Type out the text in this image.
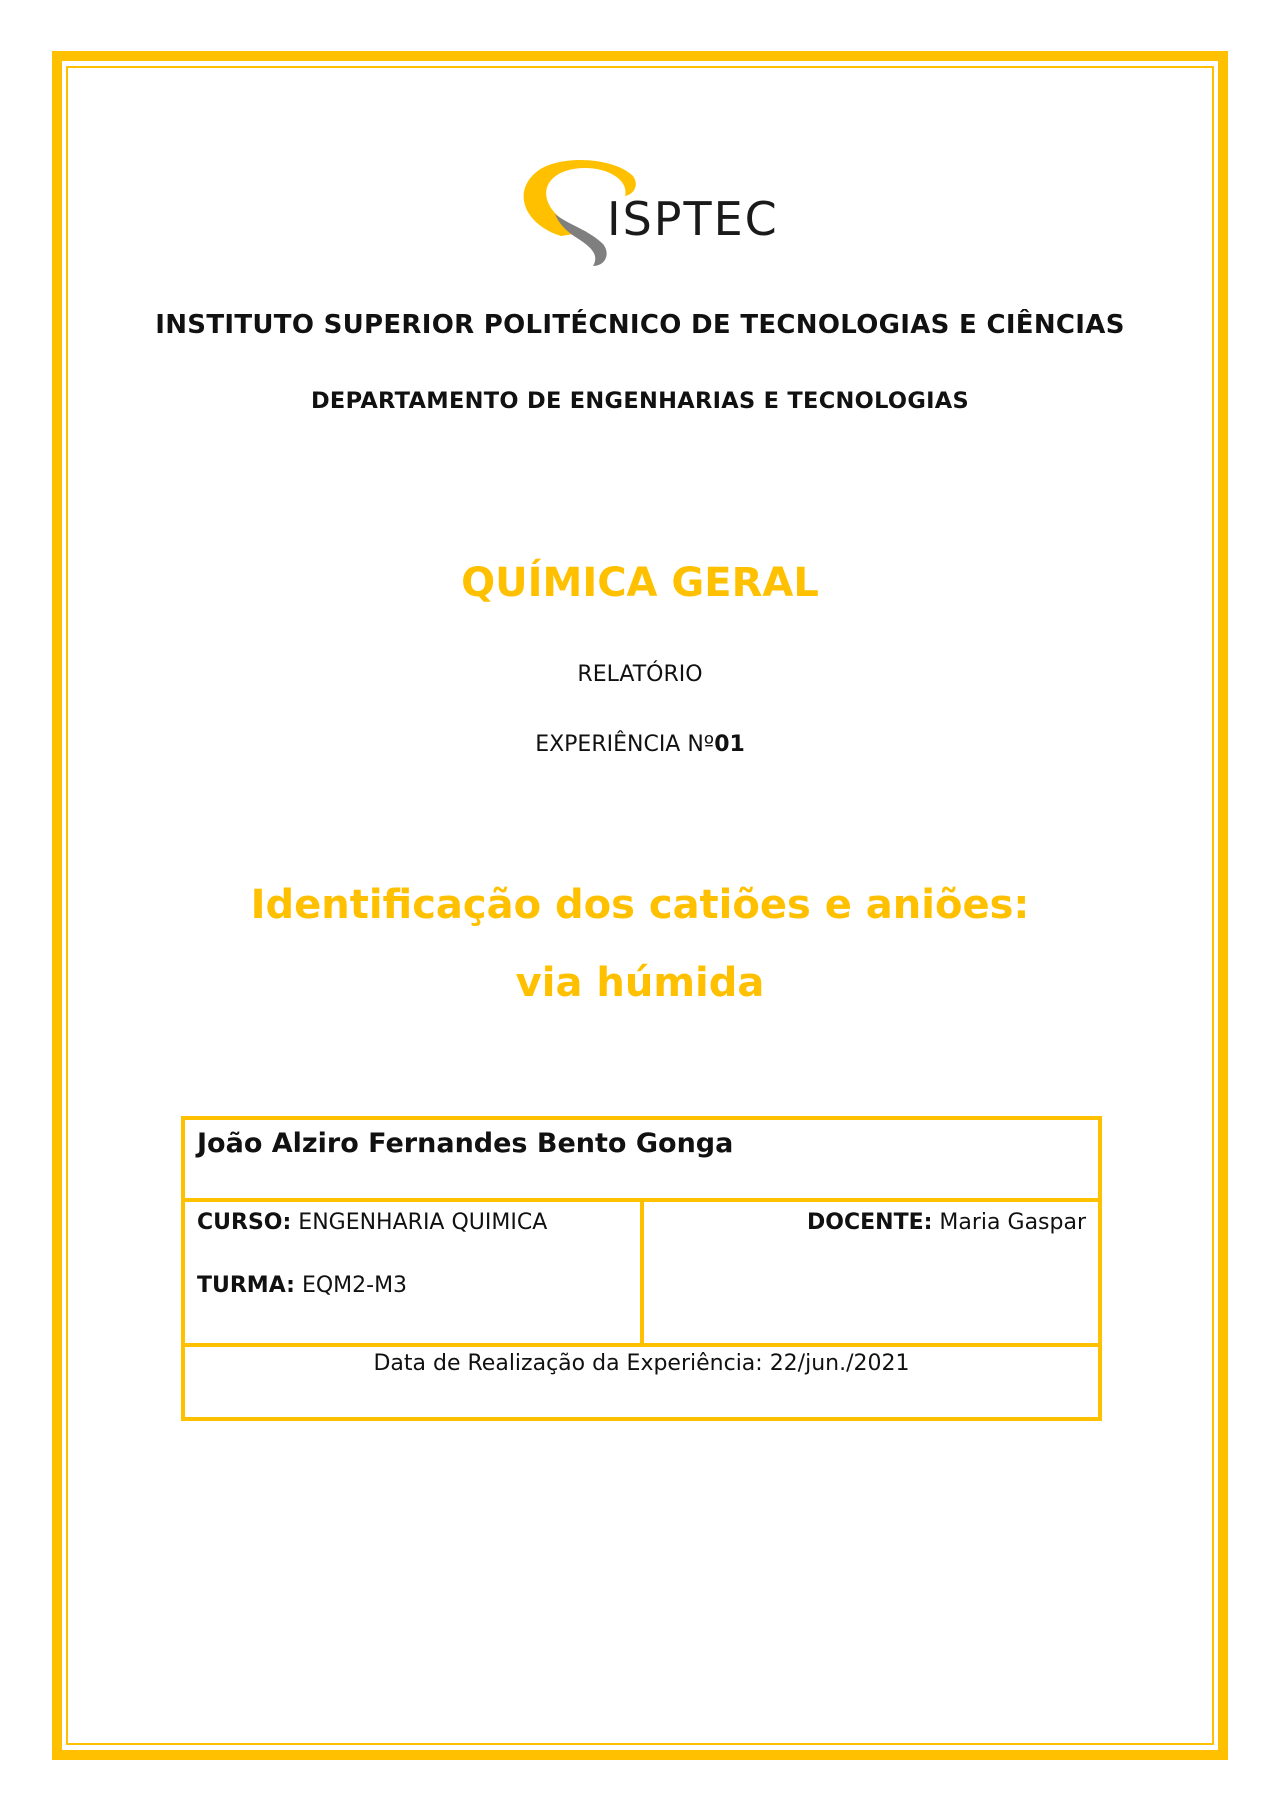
ISPTEC
INSTITUTO SUPERIOR POLITÉCNICO DE TECNOLOGIAS E CIÊNCIAS
DEPARTAMENTO DE ENGENHARIAS E TECNOLOGIAS
QUÍMICA GERAL
RELATÓRIO
EXPERIÊNCIA Nº01
Identificação dos catiões e aniões: via húmida
João Alziro Fernandes Bento Gonga

CURSO: ENGENHARIA QUIMICA
TURMA: EQM2-M3

DOCENTE: Maria Gaspar

Data de Realização da Experiência: 22/jun./2021
